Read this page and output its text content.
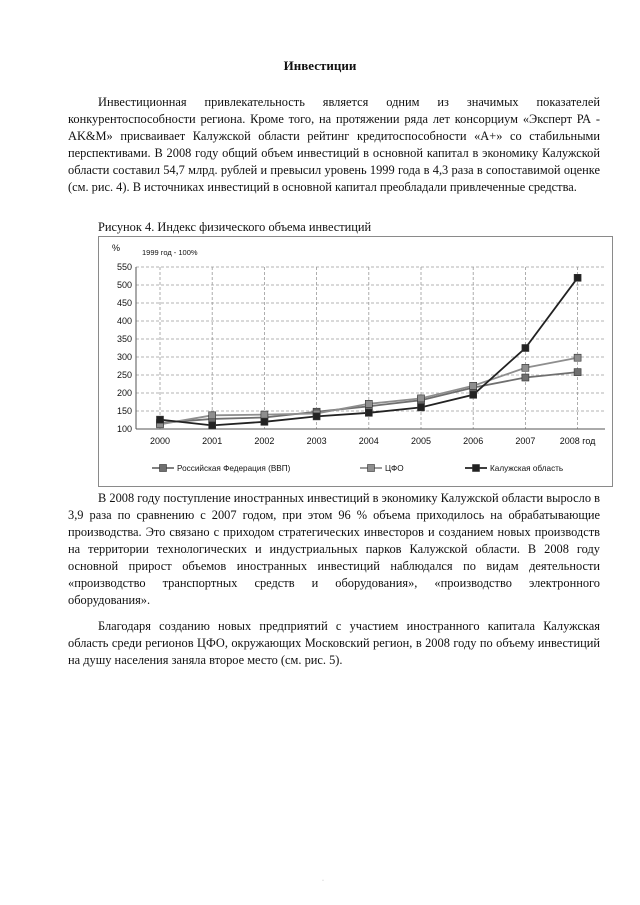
Инвестиции

Инвестиционная привлекательность является одним из значимых показателей конкурентоспособности региона. Кроме того, на протяжении ряда лет консорциум «Эксперт РА - AK&M» присваивает Калужской области рейтинг кредитоспособности «A+» со стабильными перспективами. В 2008 году общий объем инвестиций в основной капитал в экономику Калужской области составил 54,7 млрд. рублей и превысил уровень 1999 года в 4,3 раза в сопоставимой оценке (см. рис. 4). В источниках инвестиций в основной капитал преобладали привлеченные средства.

Рисунок 4. Индекс физического объема инвестиций
100
150
200
250
300
350
400
450
500
550
2000	2001	2002	2003	2004	2005	2006	2007	2008 год
%	1999 год - 100%
Российская Федерация (ВВП)	ЦФО	Калужская область

В 2008 году поступление иностранных инвестиций в экономику Калужской области выросло в 3,9 раза по сравнению с 2007 годом, при этом 96 % объема приходилось на обрабатывающие производства. Это связано с приходом стратегических инвесторов и созданием новых производств на территории технологических и индустриальных парков Калужской области. В 2008 году основной прирост объемов иностранных инвестиций наблюдался по видам деятельности «производство транспортных средств и оборудования», «производство электронного оборудования».

Благодаря созданию новых предприятий с участием иностранного капитала Калужская область среди регионов ЦФО, окружающих Московский регион, в 2008 году по объему инвестиций на душу населения заняла второе место (см. рис. 5).

·
